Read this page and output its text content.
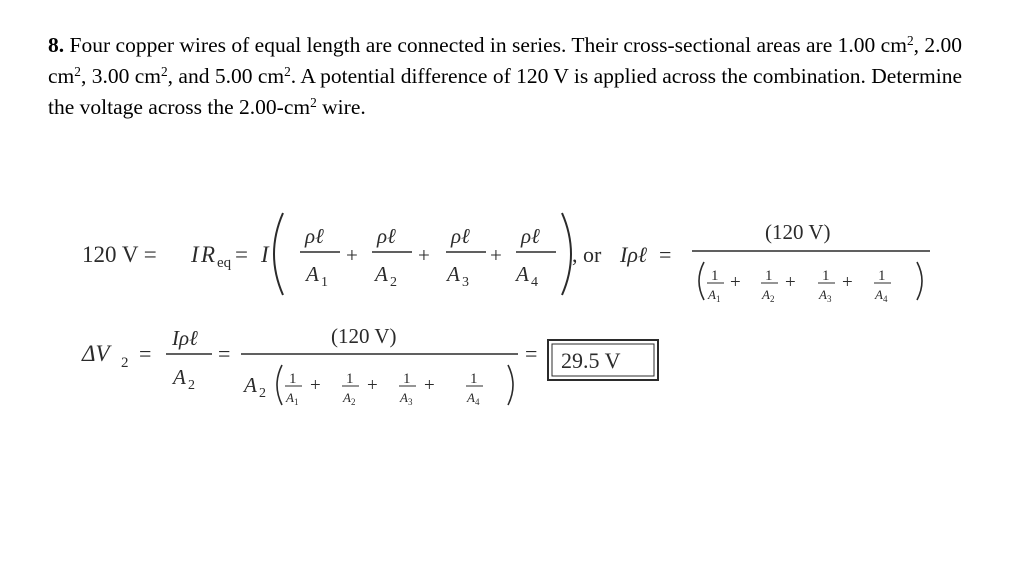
8. Four copper wires of equal length are connected in series. Their cross-sectional areas are 1.00 $cm^2$, 2.00 $cm^2$, 3.00 $cm^2$, and 5.00 $cm^2$. A potential difference of 120 V is applied across the combination. Determine the voltage across the $2.00-cm^2$ wire.
120 V = I R eq = I
ρℓ
A 1
+
ρℓ
A 2
+
ρℓ
A 3
+
ρℓ
A 4
, or Iρℓ =
(120 V)
1
A 1
+ 1
A 2
+ 1
A 3
+ 1
A 4
ΔV 2 =
Iρℓ
A 2
=
(120 V)
A 2
1
A 1
+ 1
A 2
+ 1
A 3
+ 1
A 4
= 29.5 V
